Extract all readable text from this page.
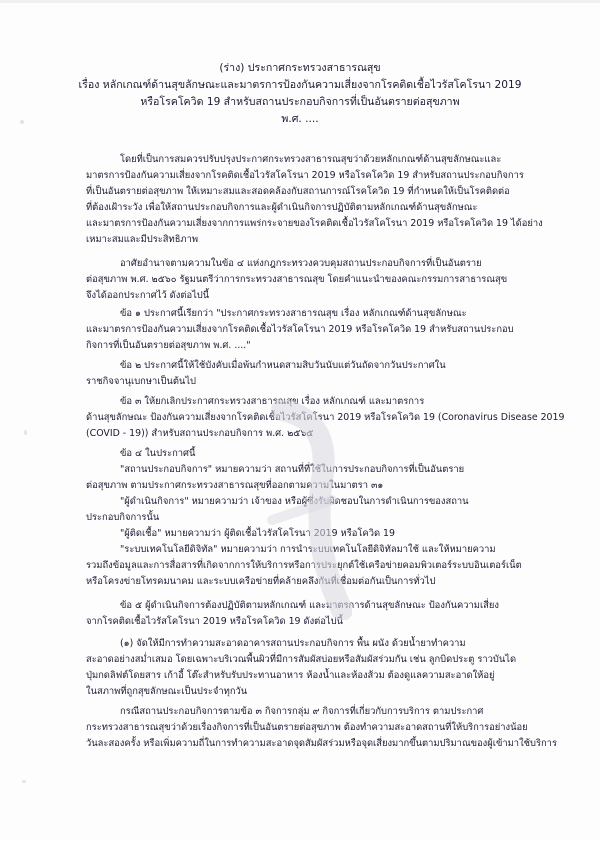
(ร่าง) ประกาศกระทรวงสาธารณสุข
เรื่อง หลักเกณฑ์ด้านสุขลักษณะและมาตรการป้องกันความเสี่ยงจากโรคติดเชื้อไวรัสโคโรนา 2019
หรือโรคโควิด 19 สำหรับสถานประกอบกิจการที่เป็นอันตรายต่อสุขภาพ
พ.ศ. ....
โดยที่เป็นการสมควรปรับปรุงประกาศกระทรวงสาธารณสุขว่าด้วยหลักเกณฑ์ด้านสุขลักษณะและ
มาตรการป้องกันความเสี่ยงจากโรคติดเชื้อไวรัสโคโรนา 2019 หรือโรคโควิด 19 สำหรับสถานประกอบกิจการ
ที่เป็นอันตรายต่อสุขภาพ ให้เหมาะสมและสอดคล้องกับสถานการณ์โรคโควิด 19 ที่กำหนดให้เป็นโรคติดต่อ
ที่ต้องเฝ้าระวัง เพื่อให้สถานประกอบกิจการและผู้ดำเนินกิจการปฏิบัติตามหลักเกณฑ์ด้านสุขลักษณะ
และมาตรการป้องกันความเสี่ยงจากการแพร่กระจายของโรคติดเชื้อไวรัสโคโรนา 2019 หรือโรคโควิด 19 ได้อย่าง
เหมาะสมและมีประสิทธิภาพ
อาศัยอำนาจตามความในข้อ ๔ แห่งกฎกระทรวงควบคุมสถานประกอบกิจการที่เป็นอันตราย
ต่อสุขภาพ พ.ศ. ๒๕๖๐ รัฐมนตรีว่าการกระทรวงสาธารณสุข โดยคำแนะนำของคณะกรรมการสาธารณสุข
จึงได้ออกประกาศไว้ ดังต่อไปนี้
ข้อ ๑ ประกาศนี้เรียกว่า "ประกาศกระทรวงสาธารณสุข เรื่อง หลักเกณฑ์ด้านสุขลักษณะ
และมาตรการป้องกันความเสี่ยงจากโรคติดเชื้อไวรัสโคโรนา 2019 หรือโรคโควิด 19 สำหรับสถานประกอบ
กิจการที่เป็นอันตรายต่อสุขภาพ พ.ศ. ...."
ข้อ ๒ ประกาศนี้ให้ใช้บังคับเมื่อพ้นกำหนดสามสิบวันนับแต่วันถัดจากวันประกาศใน
ราชกิจจานุเบกษาเป็นต้นไป
ข้อ ๓ ให้ยกเลิกประกาศกระทรวงสาธารณสุข เรื่อง หลักเกณฑ์ และมาตรการ
ด้านสุขลักษณะ ป้องกันความเสี่ยงจากโรคติดเชื้อไวรัสโคโรนา 2019 หรือโรคโควิด 19 (Coronavirus Disease 2019
(COVID - 19)) สำหรับสถานประกอบกิจการ พ.ศ. ๒๕๖๕
ข้อ ๔ ในประกาศนี้
"สถานประกอบกิจการ" หมายความว่า สถานที่ที่ใช้ในการประกอบกิจการที่เป็นอันตราย
ต่อสุขภาพ ตามประกาศกระทรวงสาธารณสุขที่ออกตามความในมาตรา ๓๑
"ผู้ดำเนินกิจการ" หมายความว่า เจ้าของ หรือผู้ซึ่งรับผิดชอบในการดำเนินการของสถาน
ประกอบกิจการนั้น
"ผู้ติดเชื้อ" หมายความว่า ผู้ติดเชื้อไวรัสโคโรนา 2019 หรือโควิด 19
"ระบบเทคโนโลยีดิจิทัล" หมายความว่า การนำระบบเทคโนโลยีดิจิทัลมาใช้ และให้หมายความ
รวมถึงข้อมูลและการสื่อสารที่เกิดจากการให้บริการหรือการประยุกต์ใช้เครือข่ายคอมพิวเตอร์ระบบอินเตอร์เน็ต
หรือโครงข่ายโทรคมนาคม และระบบเครือข่ายที่คล้ายคลึงกันที่เชื่อมต่อกันเป็นการทั่วไป
ข้อ ๕ ผู้ดำเนินกิจการต้องปฏิบัติตามหลักเกณฑ์ และมาตรการด้านสุขลักษณะ ป้องกันความเสี่ยง
จากโรคติดเชื้อไวรัสโคโรนา 2019 หรือโรคโควิด 19 ดังต่อไปนี้
(๑) จัดให้มีการทำความสะอาดอาคารสถานประกอบกิจการ พื้น ผนัง ด้วยน้ำยาทำความ
สะอาดอย่างสม่ำเสมอ โดยเฉพาะบริเวณพื้นผิวที่มีการสัมผัสบ่อยหรือสัมผัสร่วมกัน เช่น ลูกบิดประตู ราวบันได
ปุ่มกดลิฟต์โดยสาร เก้าอี้ โต๊ะสำหรับรับประทานอาหาร ห้องน้ำและห้องส้วม ต้องดูแลความสะอาดให้อยู่
ในสภาพที่ถูกสุขลักษณะเป็นประจำทุกวัน
กรณีสถานประกอบกิจการตามข้อ ๓ กิจการกลุ่ม ๙ กิจการที่เกี่ยวกับการบริการ ตามประกาศ
กระทรวงสาธารณสุขว่าด้วยเรื่องกิจการที่เป็นอันตรายต่อสุขภาพ ต้องทำความสะอาดสถานที่ให้บริการอย่างน้อย
วันละสองครั้ง หรือเพิ่มความถี่ในการทำความสะอาดจุดสัมผัสร่วมหรือจุดเสี่ยงมากขึ้นตามปริมาณของผู้เข้ามาใช้บริการ
